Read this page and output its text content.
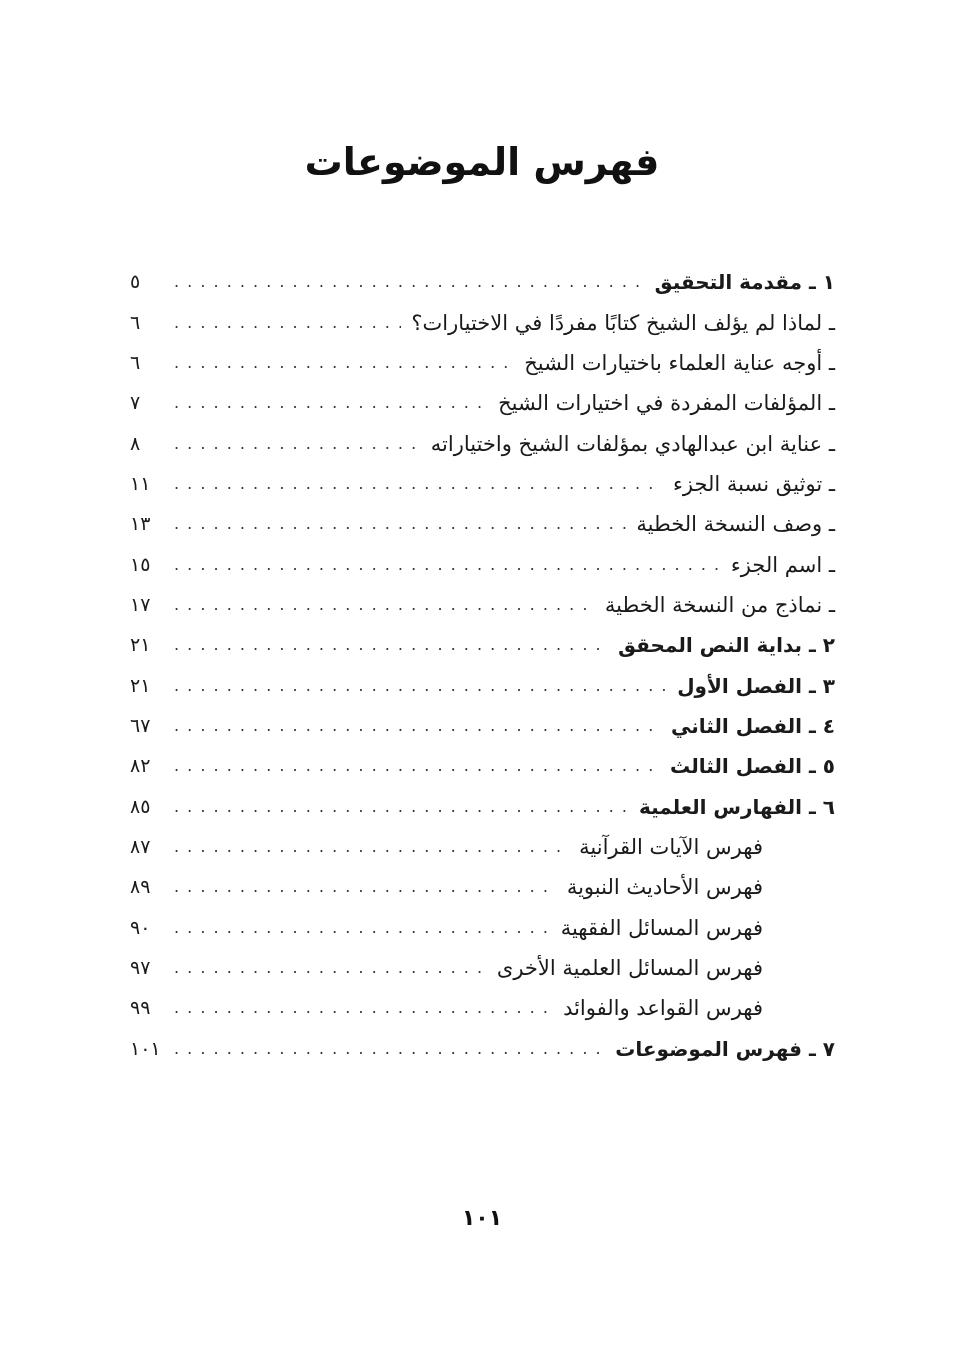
فهرس الموضوعات
١ ـ مقدمة التحقيق
. . .
٥
ـ لماذا لم يؤلف الشيخ كتابًا مفردًا في الاختيارات؟
. . .
٦
ـ أوجه عناية العلماء باختيارات الشيخ
. . .
٦
ـ المؤلفات المفردة في اختيارات الشيخ
. . .
٧
ـ عناية ابن عبدالهادي بمؤلفات الشيخ واختياراته
. . .
٨
ـ توثيق نسبة الجزء
. . .
١١
ـ وصف النسخة الخطية
. . .
١٣
ـ اسم الجزء
. . .
١٥
ـ نماذج من النسخة الخطية
. . .
١٧
٢ ـ بداية النص المحقق
. . .
٢١
٣ ـ الفصل الأول
. . .
٢١
٤ ـ الفصل الثاني
. . .
٦٧
٥ ـ الفصل الثالث
. . .
٨٢
٦ ـ الفهارس العلمية
. . .
٨٥
فهرس الآيات القرآنية
. . .
٨٧
فهرس الأحاديث النبوية
. . .
٨٩
فهرس المسائل الفقهية
. . .
٩٠
فهرس المسائل العلمية الأخرى
. . .
٩٧
فهرس القواعد والفوائد
. . .
٩٩
٧ ـ فهرس الموضوعات
. . .
١٠١
١٠١
